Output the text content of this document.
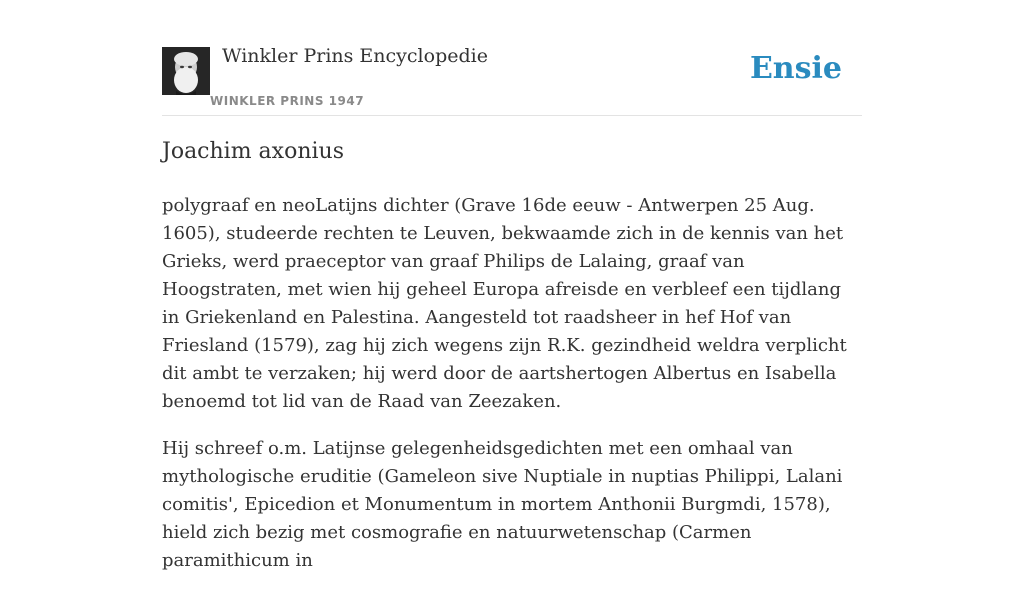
Winkler Prins Encyclopedie
WINKLER PRINS 1947
Ensie
Joachim axonius

polygraaf en neoLatijns dichter (Grave 16de eeuw - Antwerpen 25 Aug. 1605), studeerde rechten te Leuven, bekwaamde zich in de kennis van het Grieks, werd praeceptor van graaf Philips de Lalaing, graaf van Hoogstraten, met wien hij geheel Europa afreisde en verbleef een tijdlang in Griekenland en Palestina. Aangesteld tot raadsheer in hef Hof van Friesland (1579), zag hij zich wegens zijn R.K. gezindheid weldra verplicht dit ambt te verzaken; hij werd door de aartshertogen Albertus en Isabella benoemd tot lid van de Raad van Zeezaken.

Hij schreef o.m. Latijnse gelegenheidsgedichten met een omhaal van mythologische eruditie (Gameleon sive Nuptiale in nuptias Philippi, Lalani comitis', Epicedion et Monumentum in mortem Anthonii Burgmdi, 1578), hield zich bezig met cosmografie en natuurwetenschap (Carmen paramithicum in
